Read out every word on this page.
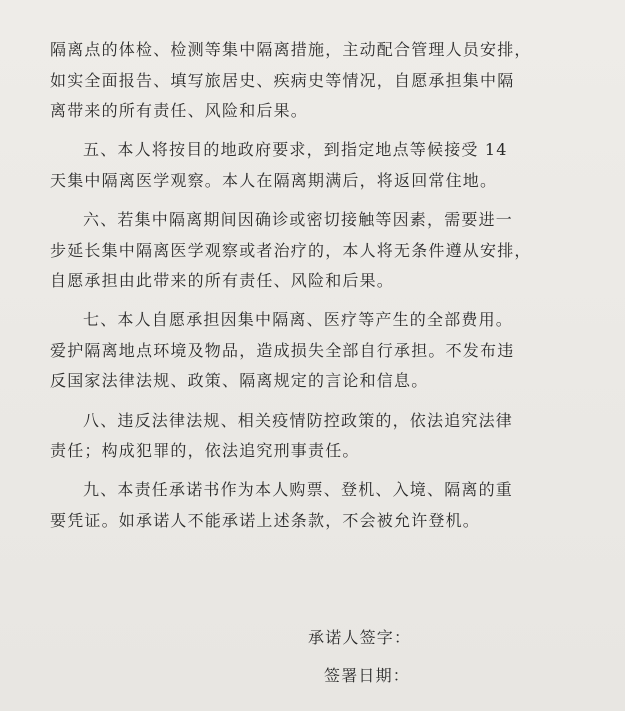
隔离点的体检、检测等集中隔离措施，主动配合管理人员安排，

如实全面报告、填写旅居史、疾病史等情况，自愿承担集中隔

离带来的所有责任、风险和后果。

五、本人将按目的地政府要求，到指定地点等候接受 14

天集中隔离医学观察。本人在隔离期满后，将返回常住地。

六、若集中隔离期间因确诊或密切接触等因素，需要进一

步延长集中隔离医学观察或者治疗的，本人将无条件遵从安排，

自愿承担由此带来的所有责任、风险和后果。

七、本人自愿承担因集中隔离、医疗等产生的全部费用。

爱护隔离地点环境及物品，造成损失全部自行承担。不发布违

反国家法律法规、政策、隔离规定的言论和信息。

八、违反法律法规、相关疫情防控政策的，依法追究法律

责任；构成犯罪的，依法追究刑事责任。

九、本责任承诺书作为本人购票、登机、入境、隔离的重

要凭证。如承诺人不能承诺上述条款，不会被允许登机。

承诺人签字：
签署日期：
